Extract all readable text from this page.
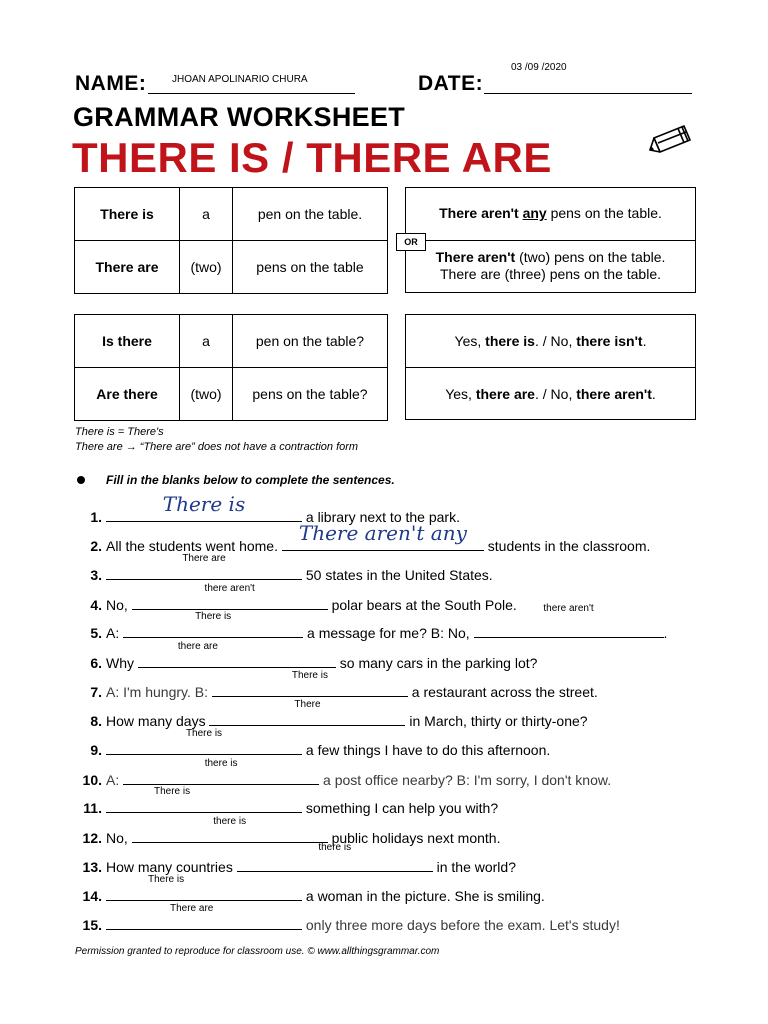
03 /09 /2020
NAME:	JHOAN APOLINARIO CHURA	DATE:
GRAMMAR WORKSHEET
THERE IS / THERE ARE
There is	a	pen on the table.
There are	(two)	pens on the table
There aren't any pens on the table.
There aren't (two) pens on the table.
There are (three) pens on the table.
OR
Is there	a	pen on the table?
Are there	(two)	pens on the table?
Yes, there is. / No, there isn't.
Yes, there are. / No, there aren't.
There is = There's
There are → “There are” does not have a contraction form
Fill in the blanks below to complete the sentences.
1.
There is
a library next to the park.
2. All the students went home.
There aren't any
students in the classroom.
3.
There are
50 states in the United States.
4. No,
there aren't
polar bears at the South Pole.
5. A:
There is
a message for me? B: No,
there aren't
.
6. Why
there are
so many cars in the parking lot?
7. A: I'm hungry. B:
There is
a restaurant across the street.
8. How many days
There
in March, thirty or thirty-one?
9.
There is
a few things I have to do this afternoon.
10. A:
there is
a post office nearby? B: I'm sorry, I don't know.
11.
There is
something I can help you with?
12. No,
there is
public holidays next month.
13. How many countries
there is
in the world?
14.
There is
a woman in the picture. She is smiling.
15.
There are
only three more days before the exam. Let's study!
Permission granted to reproduce for classroom use. © www.allthingsgrammar.com
